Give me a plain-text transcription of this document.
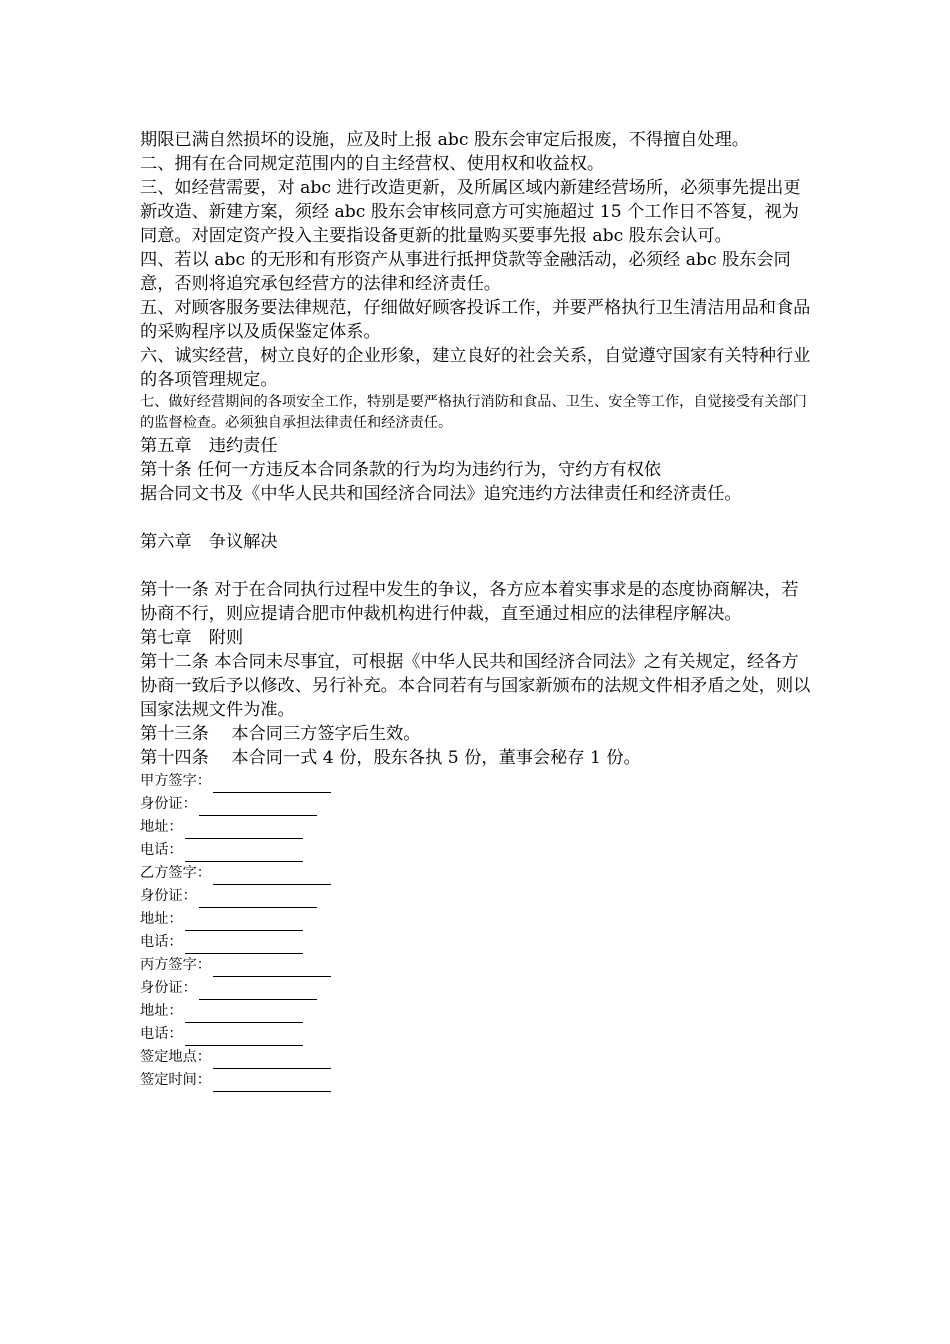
期限已满自然损坏的设施，应及时上报 abc 股东会审定后报废，不得擅自处理。

二、拥有在合同规定范围内的自主经营权、使用权和收益权。

三、如经营需要，对 abc 进行改造更新，及所属区域内新建经营场所，必须事先提出更新改造、新建方案，须经 abc 股东会审核同意方可实施超过 15 个工作日不答复，视为同意。对固定资产投入主要指设备更新的批量购买要事先报 abc 股东会认可。

四、若以 abc 的无形和有形资产从事进行抵押贷款等金融活动，必须经 abc 股东会同意，否则将追究承包经营方的法律和经济责任。

五、对顾客服务要法律规范，仔细做好顾客投诉工作，并要严格执行卫生清洁用品和食品的采购程序以及质保鉴定体系。

六、诚实经营，树立良好的企业形象，建立良好的社会关系，自觉遵守国家有关特种行业的各项管理规定。

七、做好经营期间的各项安全工作，特别是要严格执行消防和食品、卫生、安全等工作，自觉接受有关部门的监督检查。必须独自承担法律责任和经济责任。

第五章　违约责任

第十条 任何一方违反本合同条款的行为均为违约行为，守约方有权依

据合同文书及《中华人民共和国经济合同法》追究违约方法律责任和经济责任。

第六章　争议解决

第十一条 对于在合同执行过程中发生的争议，各方应本着实事求是的态度协商解决，若协商不行，则应提请合肥市仲裁机构进行仲裁，直至通过相应的法律程序解决。

第七章　附则

第十二条 本合同未尽事宜，可根据《中华人民共和国经济合同法》之有关规定，经各方协商一致后予以修改、另行补充。本合同若有与国家新颁布的法规文件相矛盾之处，则以国家法规文件为准。

第十三条　 本合同三方签字后生效。

第十四条　 本合同一式 4 份，股东各执 5 份，董事会秘存 1 份。

甲方签字：
身份证：
地址：
电话：
乙方签字：
身份证：
地址：
电话：
丙方签字：
身份证：
地址：
电话：
签定地点：
签定时间：
